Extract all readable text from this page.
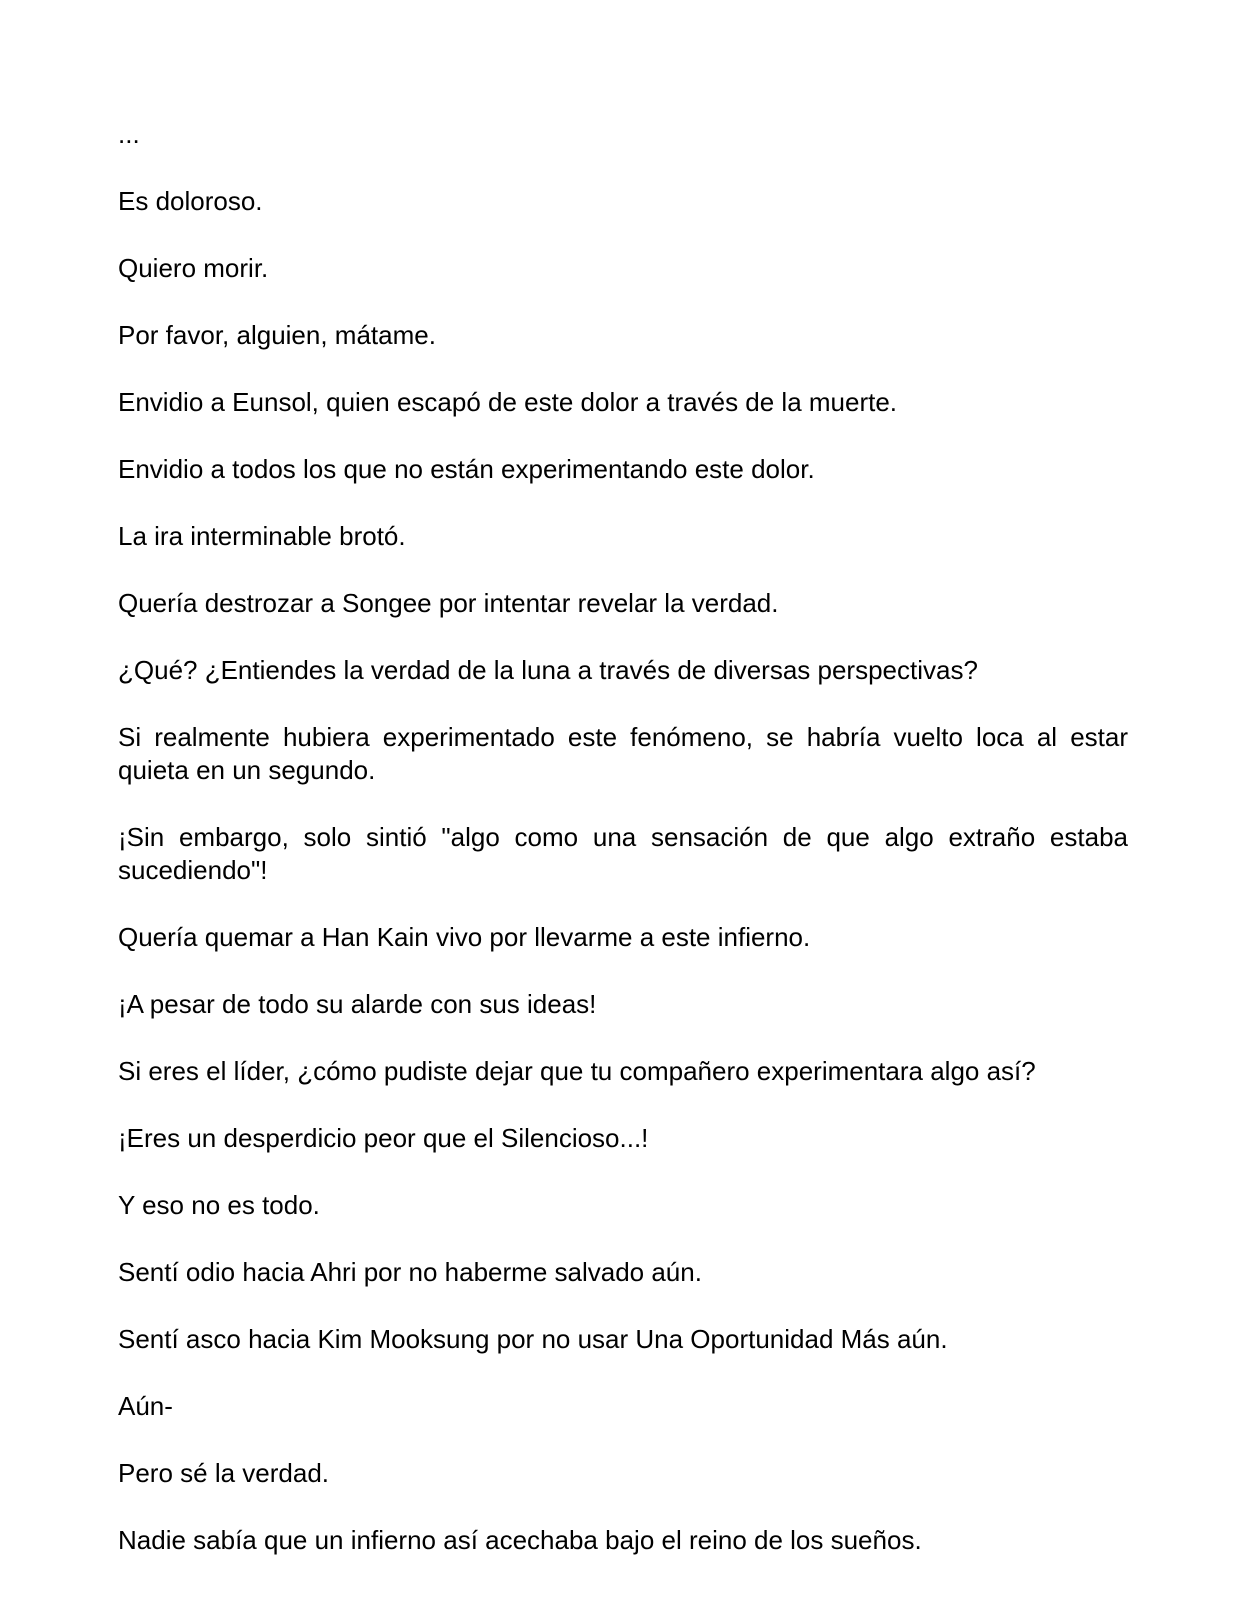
...

Es doloroso.

Quiero morir.

Por favor, alguien, mátame.

Envidio a Eunsol, quien escapó de este dolor a través de la muerte.

Envidio a todos los que no están experimentando este dolor.

La ira interminable brotó.

Quería destrozar a Songee por intentar revelar la verdad.

¿Qué? ¿Entiendes la verdad de la luna a través de diversas perspectivas?

Si realmente hubiera experimentado este fenómeno, se habría vuelto loca al estar quieta en un segundo.

¡Sin embargo, solo sintió "algo como una sensación de que algo extraño estaba sucediendo"!

Quería quemar a Han Kain vivo por llevarme a este infierno.

¡A pesar de todo su alarde con sus ideas!

Si eres el líder, ¿cómo pudiste dejar que tu compañero experimentara algo así?

¡Eres un desperdicio peor que el Silencioso...!

Y eso no es todo.

Sentí odio hacia Ahri por no haberme salvado aún.

Sentí asco hacia Kim Mooksung por no usar Una Oportunidad Más aún.

Aún-

Pero sé la verdad.

Nadie sabía que un infierno así acechaba bajo el reino de los sueños.
